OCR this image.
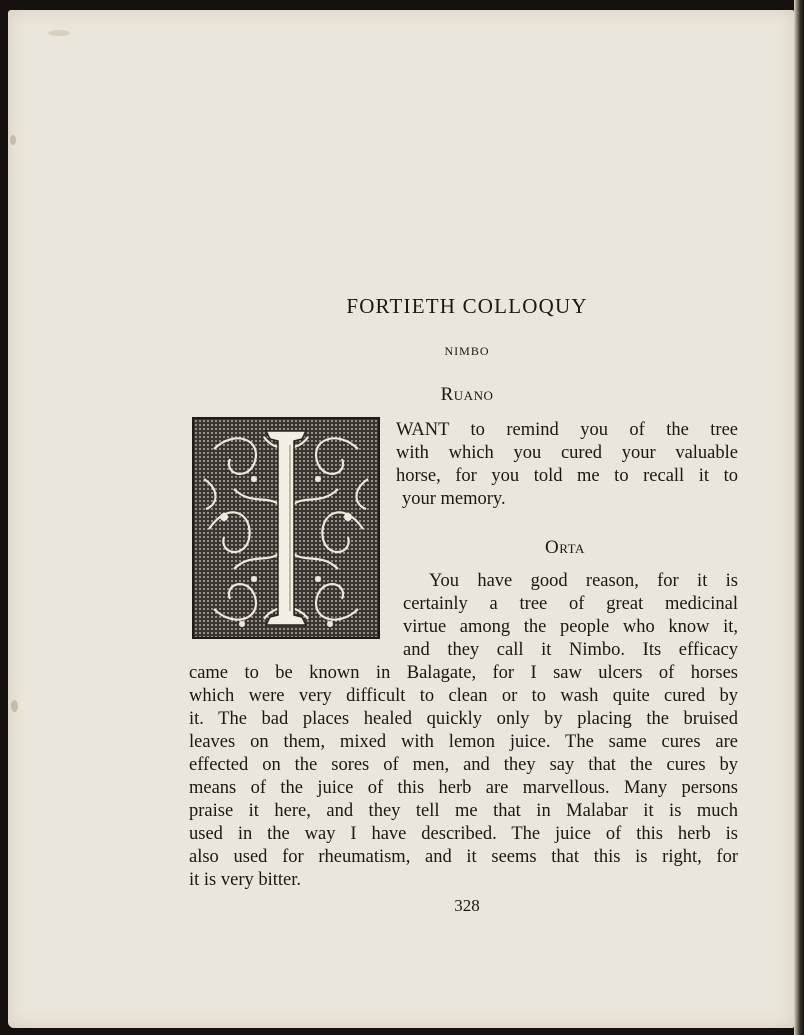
FORTIETH COLLOQUY
NIMBO
Ruano
WANT to remind you of the tree
with which you cured your valuable
horse, for you told me to recall it to
your memory.
Orta
You have good reason, for it is
certainly a tree of great medicinal
virtue among the people who know it,
and they call it Nimbo. Its efficacy
came to be known in Balagate, for I saw ulcers of horses
which were very difficult to clean or to wash quite cured by
it. The bad places healed quickly only by placing the bruised
leaves on them, mixed with lemon juice. The same cures are
effected on the sores of men, and they say that the cures by
means of the juice of this herb are marvellous. Many persons
praise it here, and they tell me that in Malabar it is much
used in the way I have described. The juice of this herb is
also used for rheumatism, and it seems that this is right, for
it is very bitter.
328
